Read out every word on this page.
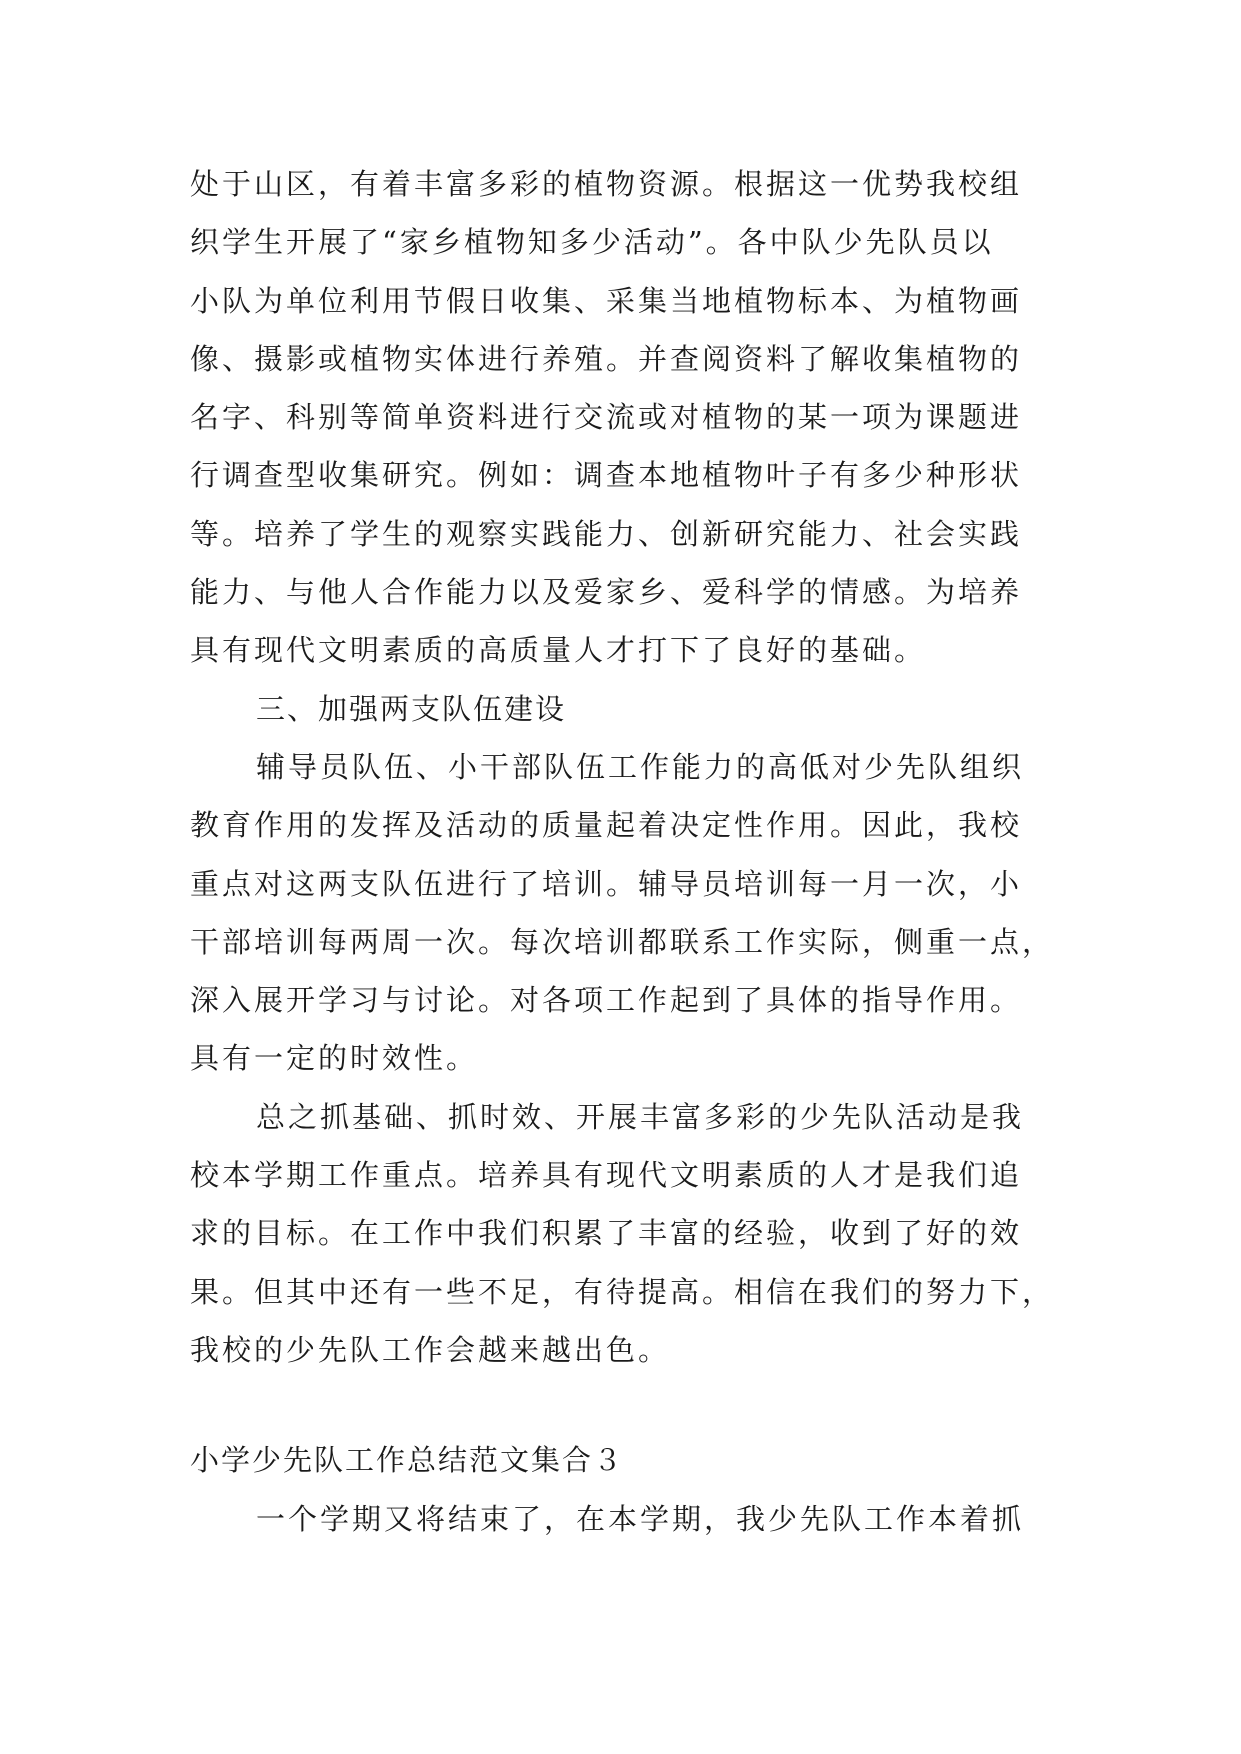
处于山区，有着丰富多彩的植物资源。根据这一优势我校组
织学生开展了“家乡植物知多少活动”。各中队少先队员以
小队为单位利用节假日收集、采集当地植物标本、为植物画
像、摄影或植物实体进行养殖。并查阅资料了解收集植物的
名字、科别等简单资料进行交流或对植物的某一项为课题进
行调查型收集研究。例如：调查本地植物叶子有多少种形状
等。培养了学生的观察实践能力、创新研究能力、社会实践
能力、与他人合作能力以及爱家乡、爱科学的情感。为培养
具有现代文明素质的高质量人才打下了良好的基础。
三、加强两支队伍建设
辅导员队伍、小干部队伍工作能力的高低对少先队组织
教育作用的发挥及活动的质量起着决定性作用。因此，我校
重点对这两支队伍进行了培训。辅导员培训每一月一次，小
干部培训每两周一次。每次培训都联系工作实际，侧重一点，
深入展开学习与讨论。对各项工作起到了具体的指导作用。
具有一定的时效性。
总之抓基础、抓时效、开展丰富多彩的少先队活动是我
校本学期工作重点。培养具有现代文明素质的人才是我们追
求的目标。在工作中我们积累了丰富的经验，收到了好的效
果。但其中还有一些不足，有待提高。相信在我们的努力下，
我校的少先队工作会越来越出色。
小学少先队工作总结范文集合３
一个学期又将结束了，在本学期，我少先队工作本着抓
